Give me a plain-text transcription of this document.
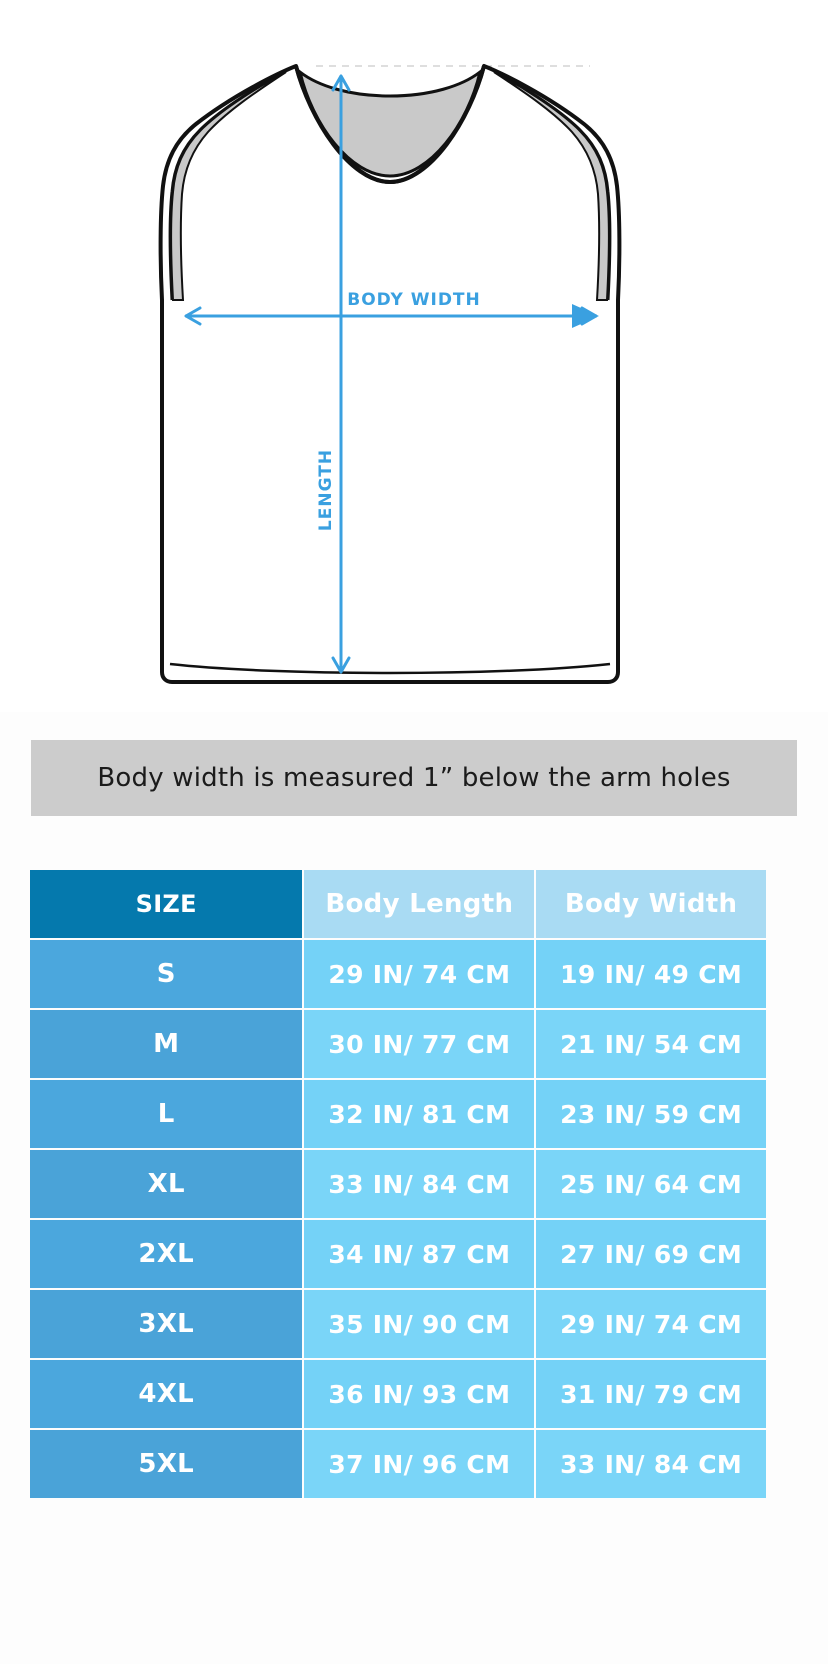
BODY WIDTH
LENGTH
Body width is measured 1” below the arm holes
SIZE	Body Length	Body Width
S	29 IN/ 74 CM	19 IN/ 49 CM
M	30 IN/ 77 CM	21 IN/ 54 CM
L	32 IN/ 81 CM	23 IN/ 59 CM
XL	33 IN/ 84 CM	25 IN/ 64 CM
2XL	34 IN/ 87 CM	27 IN/ 69 CM
3XL	35 IN/ 90 CM	29 IN/ 74 CM
4XL	36 IN/ 93 CM	31 IN/ 79 CM
5XL	37 IN/ 96 CM	33 IN/ 84 CM
